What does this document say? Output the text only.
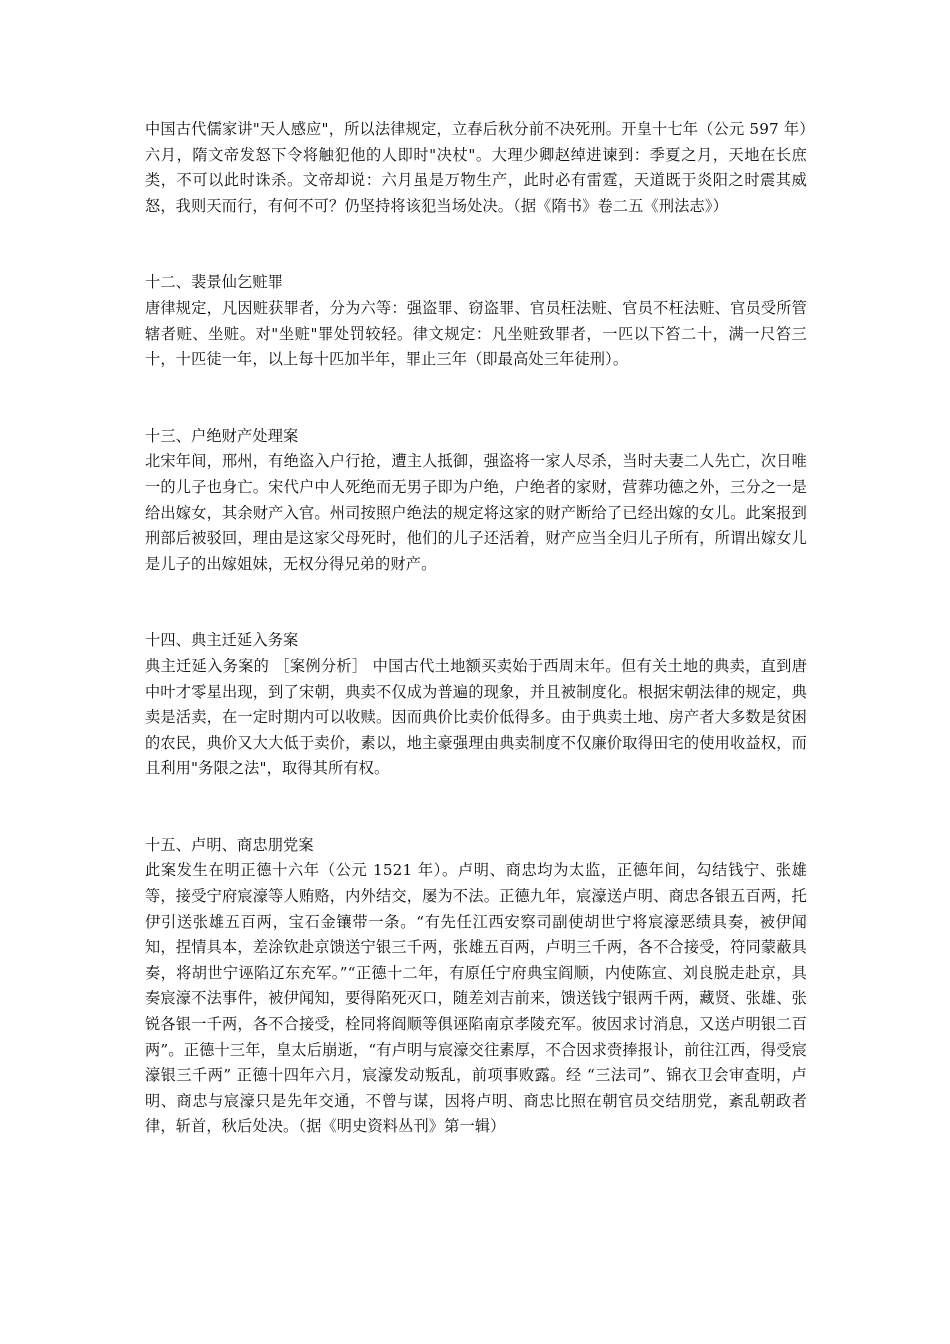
中国古代儒家讲"天人感应"，所以法律规定，立春后秋分前不决死刑。开皇十七年（公元 597 年）六月，隋文帝发怒下令将触犯他的人即时"决杖"。大理少卿赵绰进谏到：季夏之月，天地在长庶类，不可以此时诛杀。文帝却说：六月虽是万物生产，此时必有雷霆，天道既于炎阳之时震其威怒，我则天而行，有何不可？仍坚持将该犯当场处决。（据《隋书》卷二五《刑法志》）

十二、裴景仙乞赃罪

唐律规定，凡因赃获罪者，分为六等：强盗罪、窃盗罪、官员枉法赃、官员不枉法赃、官员受所管辖者赃、坐赃。对"坐赃"罪处罚较轻。律文规定：凡坐赃致罪者，一匹以下笞二十，满一尺笞三十，十匹徒一年，以上每十匹加半年，罪止三年（即最高处三年徒刑）。

十三、户绝财产处理案

北宋年间，邢州，有绝盗入户行抢，遭主人抵御，强盗将一家人尽杀，当时夫妻二人先亡，次日唯一的儿子也身亡。宋代户中人死绝而无男子即为户绝，户绝者的家财，营葬功德之外，三分之一是给出嫁女，其余财产入官。州司按照户绝法的规定将这家的财产断给了已经出嫁的女儿。此案报到刑部后被驳回，理由是这家父母死时，他们的儿子还活着，财产应当全归儿子所有，所谓出嫁女儿是儿子的出嫁姐妹，无权分得兄弟的财产。

十四、典主迁延入务案

典主迁延入务案的 ［案例分析］ 中国古代土地额买卖始于西周末年。但有关土地的典卖，直到唐中叶才零星出现，到了宋朝，典卖不仅成为普遍的现象，并且被制度化。根据宋朝法律的规定，典卖是活卖，在一定时期内可以收赎。因而典价比卖价低得多。由于典卖土地、房产者大多数是贫困的农民，典价又大大低于卖价，素以，地主豪强理由典卖制度不仅廉价取得田宅的使用收益权，而且利用"务限之法"，取得其所有权。

十五、卢明、商忠朋党案

此案发生在明正德十六年（公元 1521 年）。卢明、商忠均为太监，正德年间，勾结钱宁、张雄等，接受宁府宸濠等人贿赂，内外结交，屡为不法。正德九年，宸濠送卢明、商忠各银五百两，托伊引送张雄五百两，宝石金镶带一条。“有先任江西安察司副使胡世宁将宸濠恶绩具奏，被伊闻知，捏情具本，差涂钦赴京馈送宁银三千两，张雄五百两，卢明三千两，各不合接受，符同蒙蔽具奏，将胡世宁诬陷辽东充军。”“正德十二年，有原任宁府典宝阎顺，内使陈宣、刘良脱走赴京，具奏宸濠不法事件，被伊闻知，要得陷死灭口，随差刘吉前来，馈送钱宁银两千两，藏贤、张雄、张锐各银一千两，各不合接受，栓同将阎顺等俱诬陷南京孝陵充军。彼因求讨消息，又送卢明银二百两”。正德十三年，皇太后崩逝，“有卢明与宸濠交往素厚，不合因求赍捧报讣，前往江西，得受宸濠银三千两” 正德十四年六月，宸濠发动叛乱，前项事败露。经 “三法司”、锦衣卫会审查明，卢明、商忠与宸濠只是先年交通，不曾与谋，因将卢明、商忠比照在朝官员交结朋党，紊乱朝政者律，斩首，秋后处决。（据《明史资料丛刊》第一辑）
